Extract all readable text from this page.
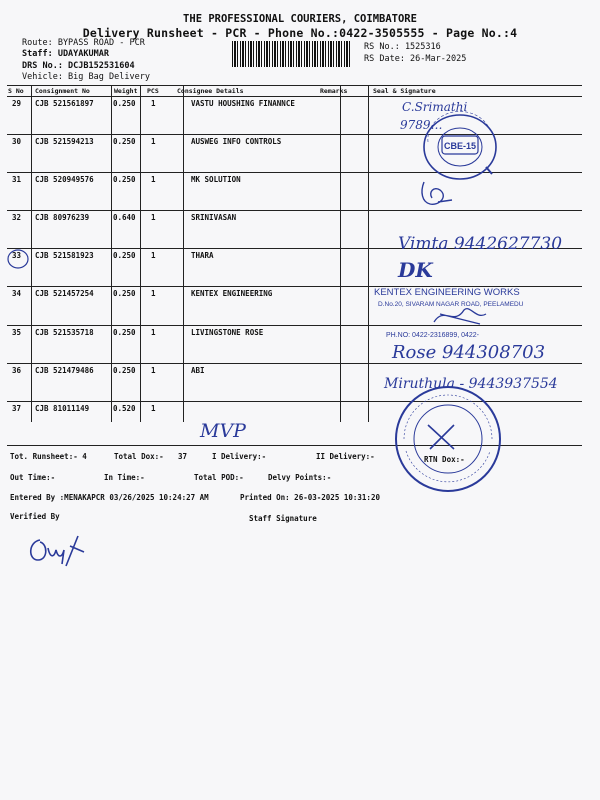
THE PROFESSIONAL COURIERS, COIMBATORE
Delivery Runsheet - PCR - Phone No.:0422-3505555 - Page No.:4
Route: BYPASS ROAD - PCR
Staff: UDAYAKUMAR
DRS No.: DCJB152531604
Vehicle: Big Bag Delivery
RS No.: 1525316
RS Date: 26-Mar-2025
S No Consignment No	Weight PCS	Consignee Details	Remarks	Seal & Signature
29 CJB 521561897	0.250 1	VASTU HOUSHING FINANNCE
30 CJB 521594213	0.250 1	AUSWEG INFO CONTROLS
31 CJB 520949576	0.250 1	MK SOLUTION
32 CJB 80976239	0.640 1	SRINIVASAN
33 CJB 521581923	0.250 1	THARA
34 CJB 521457254	0.250 1	KENTEX ENGINEERING
35 CJB 521535718	0.250 1	LIVINGSTONE ROSE
36 CJB 521479486	0.250 1	ABI
37 CJB 81011149	0.520 1
C.Srimathi
9789…
Vimta 9442627730
DK
Rose 944308703
Miruthula - 9443937554
MVP
CBE-15
KENTEX ENGINEERING WORKS
D.No.20, SIVARAM NAGAR ROAD, PEELAMEDU
PH.NO: 0422-2316899, 0422-
Tot. Runsheet:- 4	Total Dox:- 37	I Delivery:-	II Delivery:-	RTN Dox:-
Out Time:-	In Time:-	Total POD:-	Delvy Points:-
Entered By :MENAKAPCR 03/26/2025 10:24:27 AM	Printed On: 26-03-2025 10:31:20
Verified By	Staff Signature
